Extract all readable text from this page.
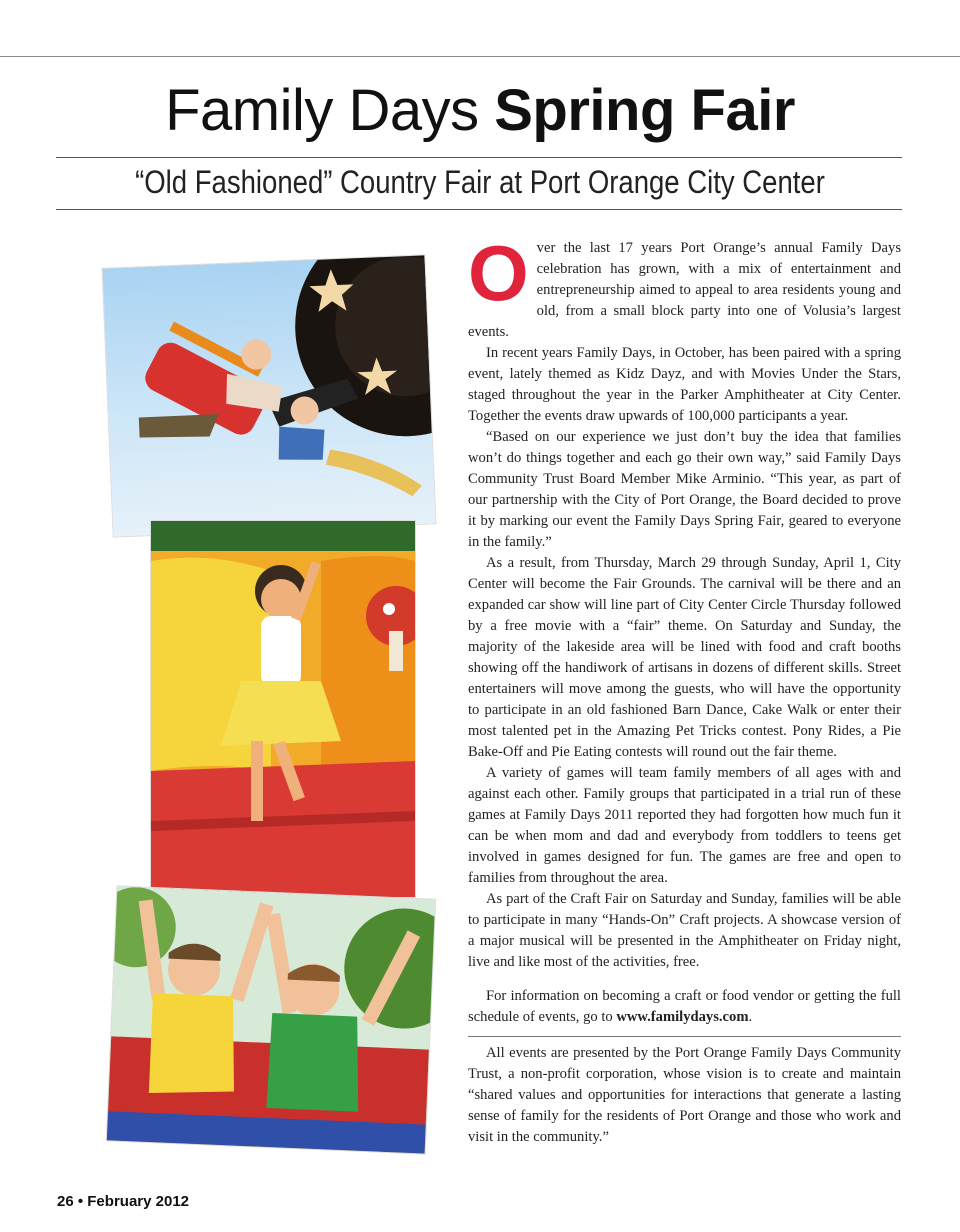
Family Days Spring Fair
“Old Fashioned” Country Fair at Port Orange City Center

Over the last 17 years Port Orange’s annual Family Days celebration has grown, with a mix of entertainment and entrepreneurship aimed to appeal to area residents young and old, from a small block party into one of Volusia’s largest events.

In recent years Family Days, in October, has been paired with a spring event, lately themed as Kidz Dayz, and with Movies Under the Stars, staged throughout the year in the Parker Amphitheater at City Center. Together the events draw upwards of 100,000 participants a year.

“Based on our experience we just don’t buy the idea that families won’t do things together and each go their own way,” said Family Days Community Trust Board Member Mike Arminio. “This year, as part of our partnership with the City of Port Orange, the Board decided to prove it by marking our event the Family Days Spring Fair, geared to everyone in the family.”

As a result, from Thursday, March 29 through Sunday, April 1, City Center will become the Fair Grounds. The carnival will be there and an expanded car show will line part of City Center Circle Thursday followed by a free movie with a “fair” theme. On Saturday and Sunday, the majority of the lakeside area will be lined with food and craft booths showing off the handiwork of artisans in dozens of different skills. Street entertainers will move among the guests, who will have the opportunity to participate in an old fashioned Barn Dance, Cake Walk or enter their most talented pet in the Amazing Pet Tricks contest. Pony Rides, a Pie Bake-Off and Pie Eating contests will round out the fair theme.

A variety of games will team family members of all ages with and against each other. Family groups that participated in a trial run of these games at Family Days 2011 reported they had forgotten how much fun it can be when mom and dad and everybody from toddlers to teens get involved in games designed for fun. The games are free and open to families from throughout the area.

As part of the Craft Fair on Saturday and Sunday, families will be able to participate in many “Hands-On” Craft projects. A showcase version of a major musical will be presented in the Amphitheater on Friday night, live and like most of the activities, free.

For information on becoming a craft or food vendor or getting the full schedule of events, go to www.familydays.com.

All events are presented by the Port Orange Family Days Community Trust, a non-profit corporation, whose vision is to create and maintain “shared values and opportunities for interactions that generate a lasting sense of family for the residents of Port Orange and those who work and visit in the community.”

26 • February 2012
